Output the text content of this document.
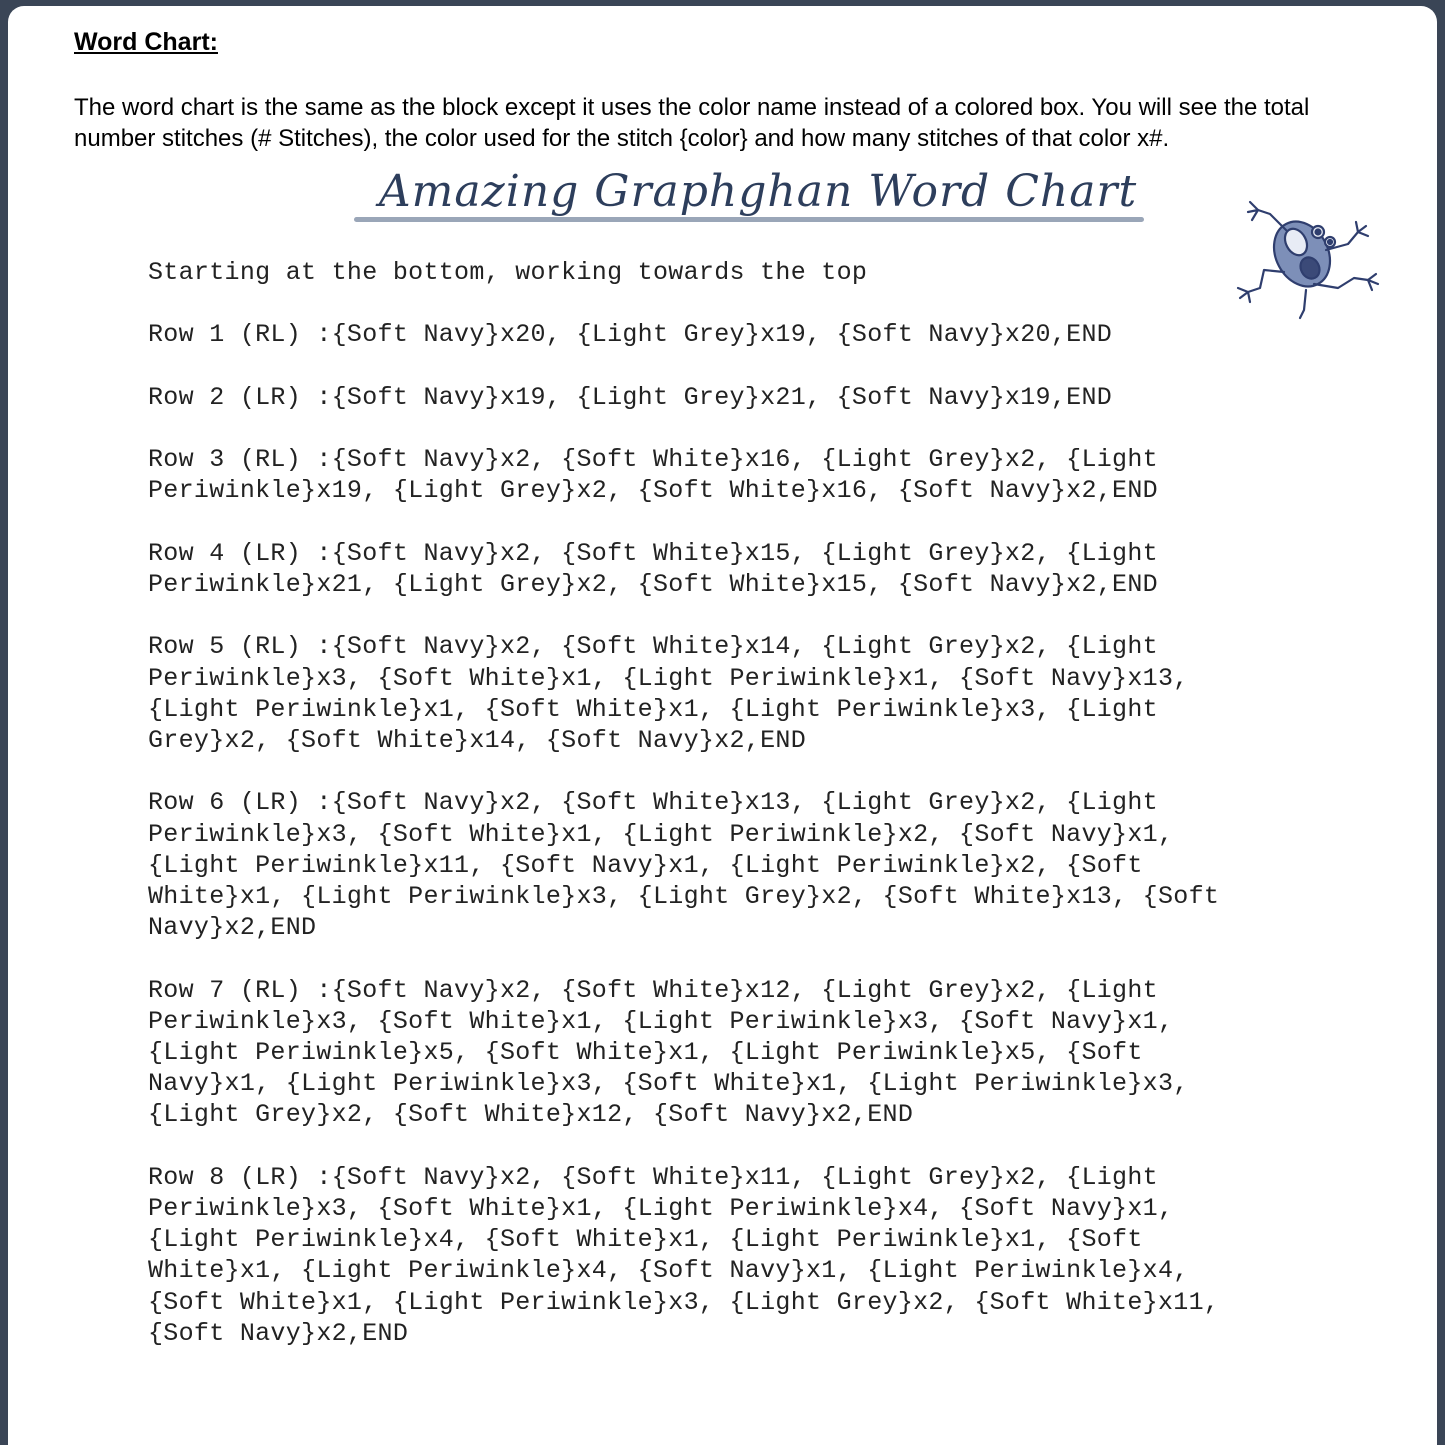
Word Chart:

The word chart is the same as the block except it uses the color name instead of a colored box. You will see the total number stitches (# Stitches), the color used for the stitch {color} and how many stitches of that color x#.

Amazing Graphghan Word Chart

Starting at the bottom, working towards the top

Row 1 (RL) :{Soft Navy}x20, {Light Grey}x19, {Soft Navy}x20,END

Row 2 (LR) :{Soft Navy}x19, {Light Grey}x21, {Soft Navy}x19,END

Row 3 (RL) :{Soft Navy}x2, {Soft White}x16, {Light Grey}x2, {Light
Periwinkle}x19, {Light Grey}x2, {Soft White}x16, {Soft Navy}x2,END

Row 4 (LR) :{Soft Navy}x2, {Soft White}x15, {Light Grey}x2, {Light
Periwinkle}x21, {Light Grey}x2, {Soft White}x15, {Soft Navy}x2,END

Row 5 (RL) :{Soft Navy}x2, {Soft White}x14, {Light Grey}x2, {Light
Periwinkle}x3, {Soft White}x1, {Light Periwinkle}x1, {Soft Navy}x13,
{Light Periwinkle}x1, {Soft White}x1, {Light Periwinkle}x3, {Light
Grey}x2, {Soft White}x14, {Soft Navy}x2,END

Row 6 (LR) :{Soft Navy}x2, {Soft White}x13, {Light Grey}x2, {Light
Periwinkle}x3, {Soft White}x1, {Light Periwinkle}x2, {Soft Navy}x1,
{Light Periwinkle}x11, {Soft Navy}x1, {Light Periwinkle}x2, {Soft
White}x1, {Light Periwinkle}x3, {Light Grey}x2, {Soft White}x13, {Soft
Navy}x2,END

Row 7 (RL) :{Soft Navy}x2, {Soft White}x12, {Light Grey}x2, {Light
Periwinkle}x3, {Soft White}x1, {Light Periwinkle}x3, {Soft Navy}x1,
{Light Periwinkle}x5, {Soft White}x1, {Light Periwinkle}x5, {Soft
Navy}x1, {Light Periwinkle}x3, {Soft White}x1, {Light Periwinkle}x3,
{Light Grey}x2, {Soft White}x12, {Soft Navy}x2,END

Row 8 (LR) :{Soft Navy}x2, {Soft White}x11, {Light Grey}x2, {Light
Periwinkle}x3, {Soft White}x1, {Light Periwinkle}x4, {Soft Navy}x1,
{Light Periwinkle}x4, {Soft White}x1, {Light Periwinkle}x1, {Soft
White}x1, {Light Periwinkle}x4, {Soft Navy}x1, {Light Periwinkle}x4,
{Soft White}x1, {Light Periwinkle}x3, {Light Grey}x2, {Soft White}x11,
{Soft Navy}x2,END
